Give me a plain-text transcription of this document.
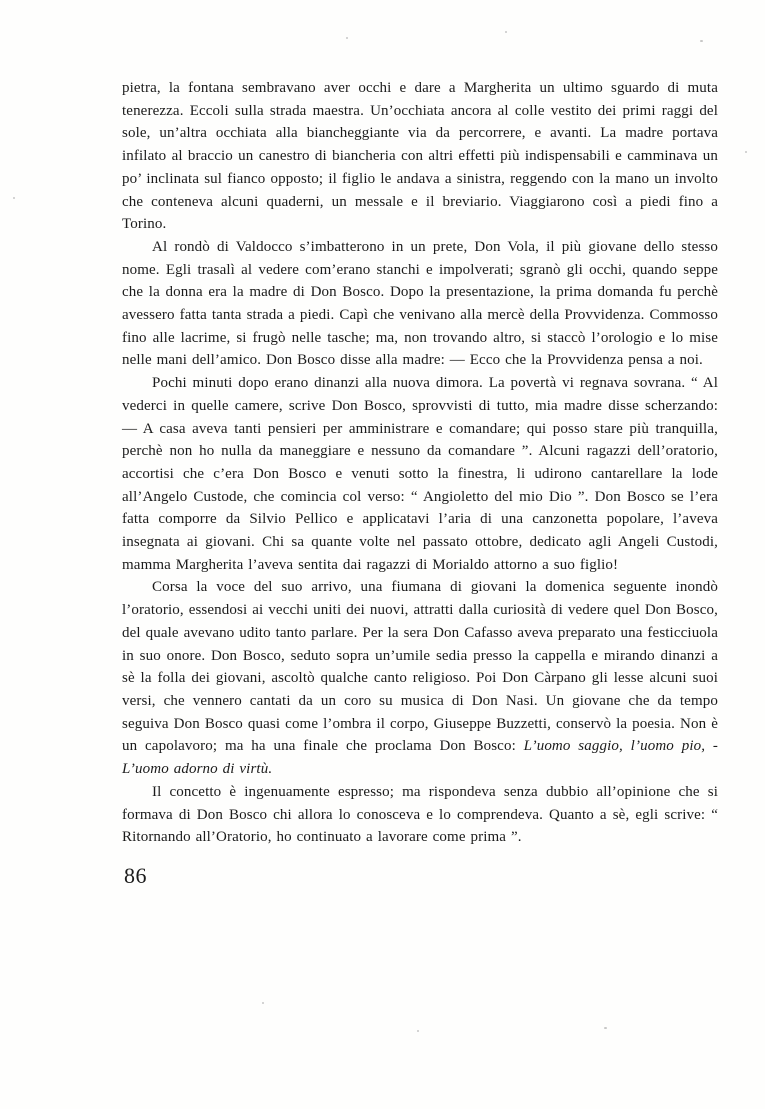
pietra, la fontana sembravano aver occhi e dare a Margherita un ultimo sguardo di muta tenerezza. Eccoli sulla strada maestra. Un’occhiata ancora al colle vestito dei primi raggi del sole, un’altra occhiata alla biancheggiante via da percorrere, e avanti. La madre portava infilato al braccio un canestro di biancheria con altri effetti più indispensabili e camminava un po’ inclinata sul fianco opposto; il figlio le andava a sinistra, reggendo con la mano un involto che conteneva alcuni quaderni, un messale e il breviario. Viaggiarono così a piedi fino a Torino.

Al rondò di Valdocco s’imbatterono in un prete, Don Vola, il più giovane dello stesso nome. Egli trasalì al vedere com’erano stanchi e impolverati; sgranò gli occhi, quando seppe che la donna era la madre di Don Bosco. Dopo la presentazione, la prima domanda fu perchè avessero fatta tanta strada a piedi. Capì che venivano alla mercè della Provvidenza. Commosso fino alle lacrime, si frugò nelle tasche; ma, non trovando altro, si staccò l’orologio e lo mise nelle mani dell’amico. Don Bosco disse alla madre: — Ecco che la Provvidenza pensa a noi.

Pochi minuti dopo erano dinanzi alla nuova dimora. La povertà vi regnava sovrana. “ Al vederci in quelle camere, scrive Don Bosco, sprovvisti di tutto, mia madre disse scherzando: — A casa aveva tanti pensieri per amministrare e comandare; qui posso stare più tranquilla, perchè non ho nulla da maneggiare e nessuno da comandare ”. Alcuni ragazzi dell’oratorio, accortisi che c’era Don Bosco e venuti sotto la finestra, li udirono cantarellare la lode all’Angelo Custode, che comincia col verso: “ Angioletto del mio Dio ”. Don Bosco se l’era fatta comporre da Silvio Pellico e applicatavi l’aria di una canzonetta popolare, l’aveva insegnata ai giovani. Chi sa quante volte nel passato ottobre, dedicato agli Angeli Custodi, mamma Margherita l’aveva sentita dai ragazzi di Morialdo attorno a suo figlio!

Corsa la voce del suo arrivo, una fiumana di giovani la domenica seguente inondò l’oratorio, essendosi ai vecchi uniti dei nuovi, attratti dalla curiosità di vedere quel Don Bosco, del quale avevano udito tanto parlare. Per la sera Don Cafasso aveva preparato una festicciuola in suo onore. Don Bosco, seduto sopra un’umile sedia presso la cappella e mirando dinanzi a sè la folla dei giovani, ascoltò qualche canto religioso. Poi Don Càrpano gli lesse alcuni suoi versi, che vennero cantati da un coro su musica di Don Nasi. Un giovane che da tempo seguiva Don Bosco quasi come l’ombra il corpo, Giuseppe Buzzetti, conservò la poesia. Non è un capolavoro; ma ha una finale che proclama Don Bosco: L’uomo saggio, l’uomo pio, - L’uomo adorno di virtù.

Il concetto è ingenuamente espresso; ma rispondeva senza dubbio all’opinione che si formava di Don Bosco chi allora lo conosceva e lo comprendeva. Quanto a sè, egli scrive: “ Ritornando all’Oratorio, ho continuato a lavorare come prima ”.

86
